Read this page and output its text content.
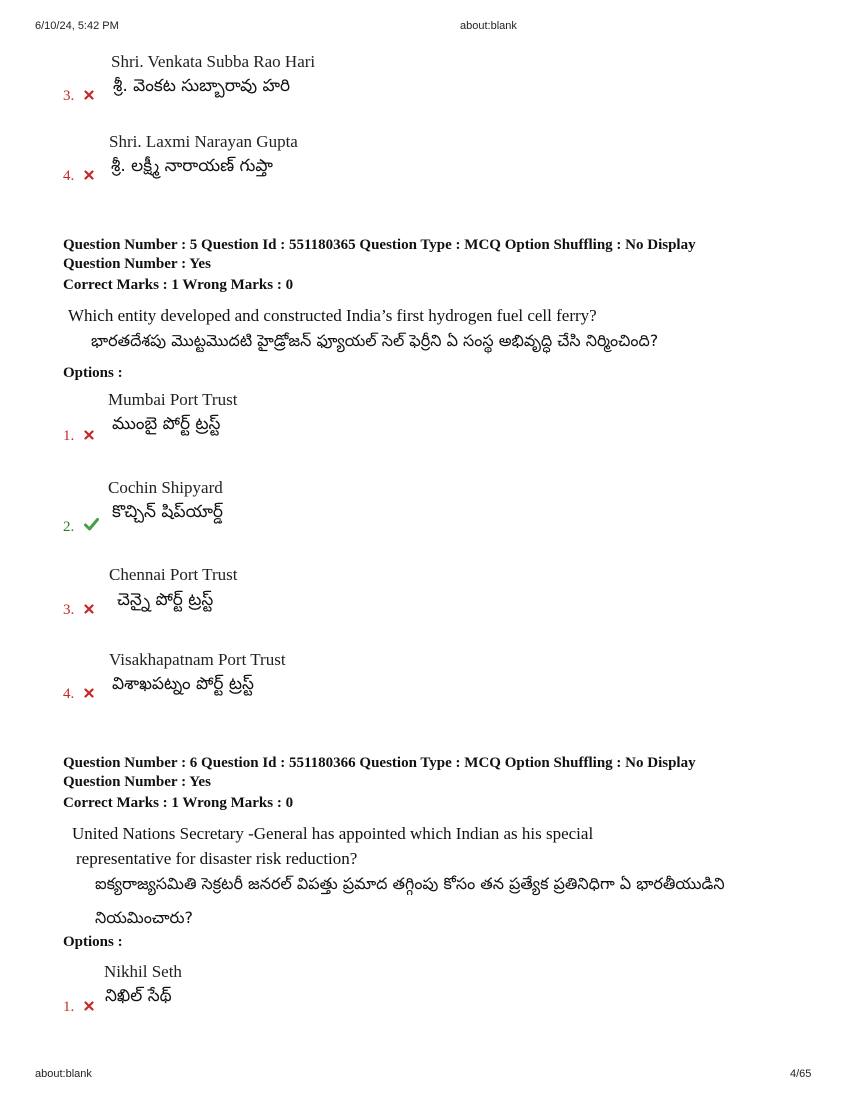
6/10/24, 5:42 PM	about:blank
Shri. Venkata Subba Rao Hari
శ్రీ. వెంకట సుబ్బారావు హరి
3.
Shri. Laxmi Narayan Gupta
శ్రీ. లక్ష్మీ నారాయణ్ గుప్తా
4.
Question Number : 5 Question Id : 551180365 Question Type : MCQ Option Shuffling : No Display
Question Number : Yes
Correct Marks : 1 Wrong Marks : 0
Which entity developed and constructed India’s first hydrogen fuel cell ferry?
భారతదేశపు మొట్టమొదటి హైడ్రోజన్ ఫ్యూయల్ సెల్ ఫెర్రీని ఏ సంస్థ అభివృద్ధి చేసి నిర్మించింది?
Options :
Mumbai Port Trust
ముంబై పోర్ట్ ట్రస్ట్
1.
Cochin Shipyard
కొచ్చిన్ షిప్‌యార్డ్
2.
Chennai Port Trust
చెన్నై పోర్ట్ ట్రస్ట్
3.
Visakhapatnam Port Trust
విశాఖపట్నం పోర్ట్ ట్రస్ట్
4.
Question Number : 6 Question Id : 551180366 Question Type : MCQ Option Shuffling : No Display
Question Number : Yes
Correct Marks : 1 Wrong Marks : 0
United Nations Secretary -General has appointed which Indian as his special
representative for disaster risk reduction?
ఐక్యరాజ్యసమితి సెక్రటరీ జనరల్ విపత్తు ప్రమాద తగ్గింపు కోసం తన ప్రత్యేక ప్రతినిధిగా ఏ భారతీయుడిని
నియమించారు?
Options :
Nikhil Seth
నిఖిల్ సేథ్
1.
about:blank	4/65
